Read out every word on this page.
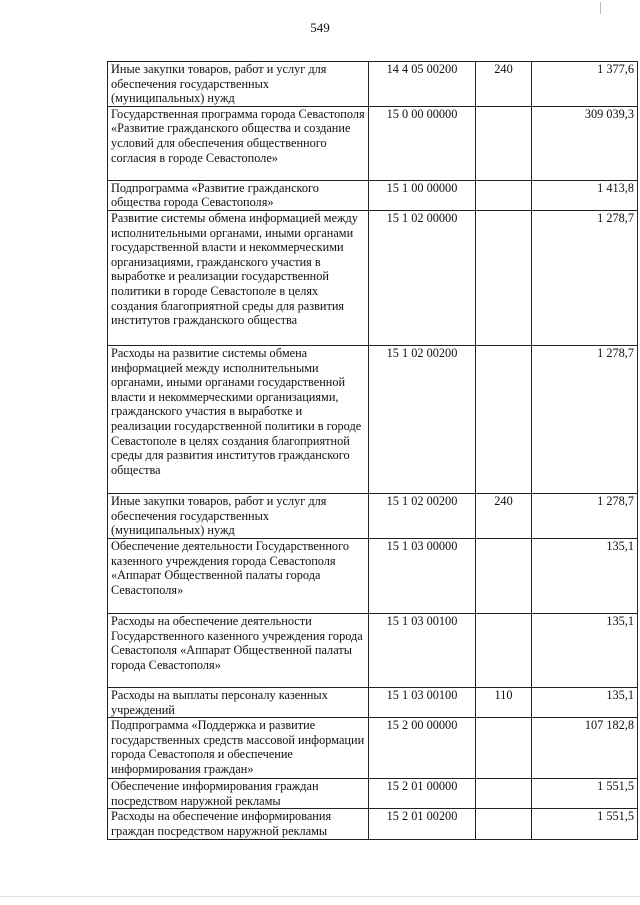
549
Иные закупки товаров, работ и услуг для обеспечения государственных (муниципальных) нужд	14 4 05 00200	240	1 377,6
Государственная программа города Севастополя «Развитие гражданского общества и создание условий для обеспечения общественного согласия в городе Севастополе»	15 0 00 00000		309 039,3
Подпрограмма «Развитие гражданского общества города Севастополя»	15 1 00 00000		1 413,8
Развитие системы обмена информацией между исполнительными органами, иными органами государственной власти и некоммерческими организациями, гражданского участия в выработке и реализации государственной политики в городе Севастополе в целях создания благоприятной среды для развития институтов гражданского общества	15 1 02 00000		1 278,7
Расходы на развитие системы обмена информацией между исполнительными органами, иными органами государственной власти и некоммерческими организациями, гражданского участия в выработке и реализации государственной политики в городе Севастополе в целях создания благоприятной среды для развития институтов гражданского общества	15 1 02 00200		1 278,7
Иные закупки товаров, работ и услуг для обеспечения государственных (муниципальных) нужд	15 1 02 00200	240	1 278,7
Обеспечение деятельности Государственного казенного учреждения города Севастополя «Аппарат Общественной палаты города Севастополя»	15 1 03 00000		135,1
Расходы на обеспечение деятельности Государственного казенного учреждения города Севастополя «Аппарат Общественной палаты города Севастополя»	15 1 03 00100		135,1
Расходы на выплаты персоналу казенных учреждений	15 1 03 00100	110	135,1
Подпрограмма «Поддержка и развитие государственных средств массовой информации города Севастополя и обеспечение информирования граждан»	15 2 00 00000		107 182,8
Обеспечение информирования граждан посредством наружной рекламы	15 2 01 00000		1 551,5
Расходы на обеспечение информирования граждан посредством наружной рекламы	15 2 01 00200		1 551,5
